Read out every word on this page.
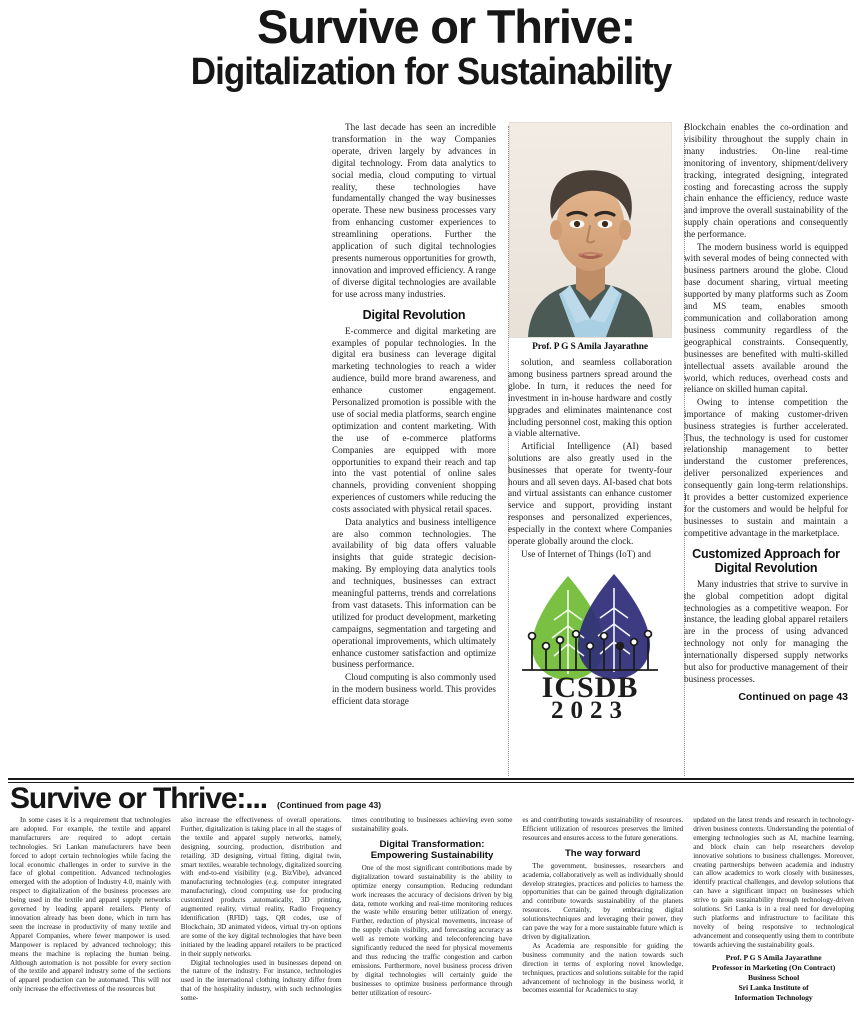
Survive or Thrive:
Digitalization for Sustainability

The last decade has seen an incredible transformation in the way Companies operate, driven largely by advances in digital technology. From data analytics to social media, cloud computing to virtual reality, these technologies have fundamentally changed the way businesses operate. These new business processes vary from enhancing customer experiences to streamlining operations. Further the application of such digital technologies presents numerous opportunities for growth, innovation and improved efficiency. A range of diverse digital technologies are available for use across many industries.

Digital Revolution

E-commerce and digital marketing are examples of popular technologies. In the digital era business can leverage digital marketing technologies to reach a wider audience, build more brand awareness, and enhance customer engagement. Personalized promotion is possible with the use of social media platforms, search engine optimization and content marketing. With the use of e-commerce platforms Companies are equipped with more opportunities to expand their reach and tap into the vast potential of online sales channels, providing convenient shopping experiences of customers while reducing the costs associated with physical retail spaces.

Data analytics and business intelligence are also common technologies. The availability of big data offers valuable insights that guide strategic decision-making. By employing data analytics tools and techniques, businesses can extract meaningful patterns, trends and correlations from vast datasets. This information can be utilized for product development, marketing campaigns, segmentation and targeting and operational improvements, which ultimately enhance customer satisfaction and optimize business performance.

Cloud computing is also commonly used in the modern business world. This provides efficient data storage

Prof. P G S Amila Jayarathne

solution, and seamless collaboration among business partners spread around the globe. In turn, it reduces the need for investment in in-house hardware and costly upgrades and eliminates maintenance cost including personnel cost, making this option a viable alternative.

Artificial Intelligence (AI) based solutions are also greatly used in the businesses that operate for twenty-four hours and all seven days. AI-based chat bots and virtual assistants can enhance customer service and support, providing instant responses and personalized experiences, especially in the context where Companies operate globally around the clock.

Use of Internet of Things (IoT) and

ICSDB
2023

Blockchain enables the co-ordination and visibility throughout the supply chain in many industries. On-line real-time monitoring of inventory, shipment/delivery tracking, integrated designing, integrated costing and forecasting across the supply chain enhance the efficiency, reduce waste and improve the overall sustainability of the supply chain operations and consequently the performance.

The modern business world is equipped with several modes of being connected with business partners around the globe. Cloud base document sharing, virtual meeting supported by many platforms such as Zoom and MS team, enables smooth communication and collaboration among business community regardless of the geographical constraints. Consequently, businesses are benefited with multi-skilled intellectual assets available around the world, which reduces, overhead costs and reliance on skilled human capital.

Owing to intense competition the importance of making customer-driven business strategies is further accelerated. Thus, the technology is used for customer relationship management to better understand the customer preferences, deliver personalized experiences and consequently gain long-term relationships. It provides a better customized experience for the customers and would be helpful for businesses to sustain and maintain a competitive advantage in the marketplace.

Customized Approach for Digital Revolution

Many industries that strive to survive in the global competition adopt digital technologies as a competitive weapon. For instance, the leading global apparel retailers are in the process of using advanced technology not only for managing the internationally dispersed supply networks but also for productive management of their business processes.

Continued on page 43
Survive or Thrive:... (Continued from page 43)

In some cases it is a requirement that technologies are adopted. For example, the textile and apparel manufacturers are required to adopt certain technologies. Sri Lankan manufacturers have been forced to adopt certain technologies while facing the local economic challenges in order to survive in the face of global competition. Advanced technologies emerged with the adoption of Industry 4.0, mainly with respect to digitalization of the business processes are being used in the textile and apparel supply networks governed by leading apparel retailers. Plenty of innovation already has been done, which in turn has seen the increase in productivity of many textile and Apparel Companies, where fewer manpower is used. Manpower is replaced by advanced technology; this means the machine is replacing the human being. Although automation is not possible for every section of the textile and apparel industry some of the sections of apparel production can be automated. This will not only increase the effectiveness of the resources but

also increase the effectiveness of overall operations. Further, digitalization is taking place in all the stages of the textile and apparel supply networks, namely, designing, sourcing, production, distribution and retailing. 3D designing, virtual fitting, digital twin, smart textiles, wearable technology, digitalized sourcing with end-to-end visibility (e.g. BizVibe), advanced manufacturing technologies (e.g. computer integrated manufacturing), cloud computing use for producing customized products automatically, 3D printing, augmented reality, virtual reality, Radio Frequency Identification (RFID) tags, QR codes, use of Blockchain, 3D animated videos, virtual try-on options are some of the key digital technologies that have been initiated by the leading apparel retailers to be practiced in their supply networks.

Digital technologies used in businesses depend on the nature of the industry. For instance, technologies used in the international clothing industry differ from that of the hospitality industry, with such technologies some-

times contributing to businesses achieving even some sustainability goals.

Digital Transformation: Empowering Sustainability

One of the most significant contributions made by digitalization toward sustainability is the ability to optimize energy consumption. Reducing redundant work increases the accuracy of decisions driven by big data, remote working and real-time monitoring reduces the waste while ensuring better utilization of energy. Further, reduction of physical movements, increase of the supply chain visibility, and forecasting accuracy as well as remote working and teleconferencing have significantly reduced the need for physical movements and thus reducing the traffic congestion and carbon emissions. Furthermore, novel business process driven by digital technologies will certainly guide the businesses to optimize business performance through better utilization of resourc-

es and contributing towards sustainability of resources. Efficient utilization of resources preserves the limited resources and ensures access to the future generations.

The way forward

The government, businesses, researchers and academia, collaboratively as well as individually should develop strategies, practices and policies to harness the opportunities that can be gained through digitalization and contribute towards sustainability of the planets resources. Certainly, by embracing digital solutions/techniques and leveraging their power, they can pave the way for a more sustainable future which is driven by digitalization.

As Academia are responsible for guiding the business community and the nation towards such direction in terms of exploring novel knowledge, techniques, practices and solutions suitable for the rapid advancement of technology in the business world, it becomes essential for Academics to stay

updated on the latest trends and research in technology-driven business contexts. Understanding the potential of emerging technologies such as AI, machine learning, and block chain can help researchers develop innovative solutions to business challenges. Moreover, creating partnerships between academia and industry can allow academics to work closely with businesses, identify practical challenges, and develop solutions that can have a significant impact on businesses which strive to gain sustainability through technology-driven solutions. Sri Lanka is in a real need for developing such platforms and infrastructure to facilitate this novelty of being responsive to technological advancement and consequently using them to contribute towards achieving the sustainability goals.

Prof. P G S Amila Jayarathne
Professor in Marketing (On Contract)
Business School
Sri Lanka Institute of
Information Technology
